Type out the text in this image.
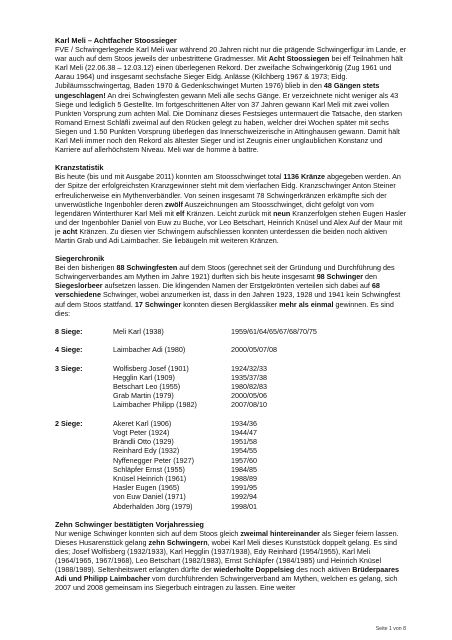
Karl Meli – Achtfacher Stoossieger

FVE / Schwingerlegende Karl Meli war während 20 Jahren nicht nur die prägende Schwingerfigur im Lande, er war auch auf dem Stoos jeweils der unbestrittene Gradmesser. Mit Acht Stoossiegen bei elf Teilnahmen hält Karl Meli (22.06.38 – 12.03.12) einen überlegenen Rekord. Der zweifache Schwingerkönig (Zug 1961 und Aarau 1964) und insgesamt sechsfache Sieger Eidg. Anlässe (Kilchberg 1967 & 1973; Eidg. Jubiläumsschwingertag, Baden 1970 & Gedenkschwinget Murten 1976) blieb in den 48 Gängen stets ungeschlagen! An drei Schwingfesten gewann Meli alle sechs Gänge. Er verzeichnete nicht weniger als 43 Siege und lediglich 5 Gestellte. Im fortgeschrittenen Alter von 37 Jahren gewann Karl Meli mit zwei vollen Punkten Vorsprung zum achten Mal. Die Dominanz dieses Festsieges untermauert die Tatsache, den starken Romand Ernest Schläfli zweimal auf den Rücken gelegt zu haben, welcher drei Wochen später mit sechs Siegen und 1.50 Punkten Vorsprung überlegen das Innerschweizerische in Attinghausen gewann. Damit hält Karl Meli immer noch den Rekord als ältester Sieger und ist Zeugnis einer unglaublichen Konstanz und Karriere auf allerhöchstem Niveau. Meli war de homme à battre.

Kranzstatistik

Bis heute (bis und mit Ausgabe 2011) konnten am Stoosschwinget total 1136 Kränze abgegeben werden. An der Spitze der erfolgreichsten Kranzgewinner steht mit dem vierfachen Eidg. Kranzschwinger Anton Steiner erfreulicherweise ein Mythenverbändler. Von seinen insgesamt 78 Schwingerkränzen erkämpfte sich der unverwüstliche Ingenbohler deren zwölf Auszeichnungen am Stoosschwinget, dicht gefolgt von vom legendären Winterthurer Karl Meli mit elf Kränzen. Leicht zurück mit neun Kranzerfolgen stehen Eugen Hasler und der Ingenbohler Daniel von Euw zu Buche, vor Leo Betschart, Heinrich Knüsel und Alex Auf der Maur mit je acht Kränzen. Zu diesen vier Schwingern aufschliessen konnten unterdessen die beiden noch aktiven Martin Grab und Adi Laimbacher. Sie liebäugeln mit weiteren Kränzen.

Siegerchronik

Bei den bisherigen 88 Schwingfesten auf dem Stoos (gerechnet seit der Gründung und Durchführung des Schwingerverbandes am Mythen im Jahre 1921) durften sich bis heute insgesamt 98 Schwinger den Siegeslorbeer aufsetzen lassen. Die klingenden Namen der Erstgekrönten verteilen sich dabei auf 68 verschiedene Schwinger, wobei anzumerken ist, dass in den Jahren 1923, 1928 und 1941 kein Schwingfest auf dem Stoos stattfand. 17 Schwinger konnten diesen Bergklassiker mehr als einmal gewinnen. Es sind dies:

8 Siege:	Meli Karl (1938)	1959/61/64/65/67/68/70/75

4 Siege:	Laimbacher Adi (1980)	2000/05/07/08

3 Siege:	Wolfisberg Josef (1901)	1924/32/33
	Hegglin Karl (1909)	1935/37/38
	Betschart Leo (1955)	1980/82/83
	Grab Martin (1979)	2000/05/06
	Laimbacher Philipp (1982)	2007/08/10

2 Siege:	Akeret Karl (1906)	1934/36
	Vogt Peter (1924)	1944/47
	Brändli Otto (1929)	1951/58
	Reinhard Edy (1932)	1954/55
	Nyffenegger Peter (1927)	1957/60
	Schläpfer Ernst (1955)	1984/85
	Knüsel Heinrich (1961)	1988/89
	Hasler Eugen (1965)	1991/95
	von Euw Daniel (1971)	1992/94
	Abderhalden Jörg (1979)	1998/01

Zehn Schwinger bestätigten Vorjahressieg

Nur wenige Schwinger konnten sich auf dem Stoos gleich zweimal hintereinander als Sieger feiern lassen. Dieses Husarenstück gelang zehn Schwingern, wobei Karl Meli dieses Kunststück doppelt gelang. Es sind dies; Josef Wolfisberg (1932/1933), Karl Hegglin (1937/1938), Edy Reinhard (1954/1955), Karl Meli (1964/1965, 1967/1968), Leo Betschart (1982/1983), Ernst Schläpfer (1984/1985) und Heinrich Knüsel (1988/1989). Seltenheitswert erlangten dürfte der wiederholte Doppelsieg des noch aktiven Brüderpaares Adi und Philipp Laimbacher vom durchführenden Schwingerverband am Mythen, welchen es gelang, sich 2007 und 2008 gemeinsam ins Siegerbuch eintragen zu lassen. Eine weiter

Seite 1 von 8
